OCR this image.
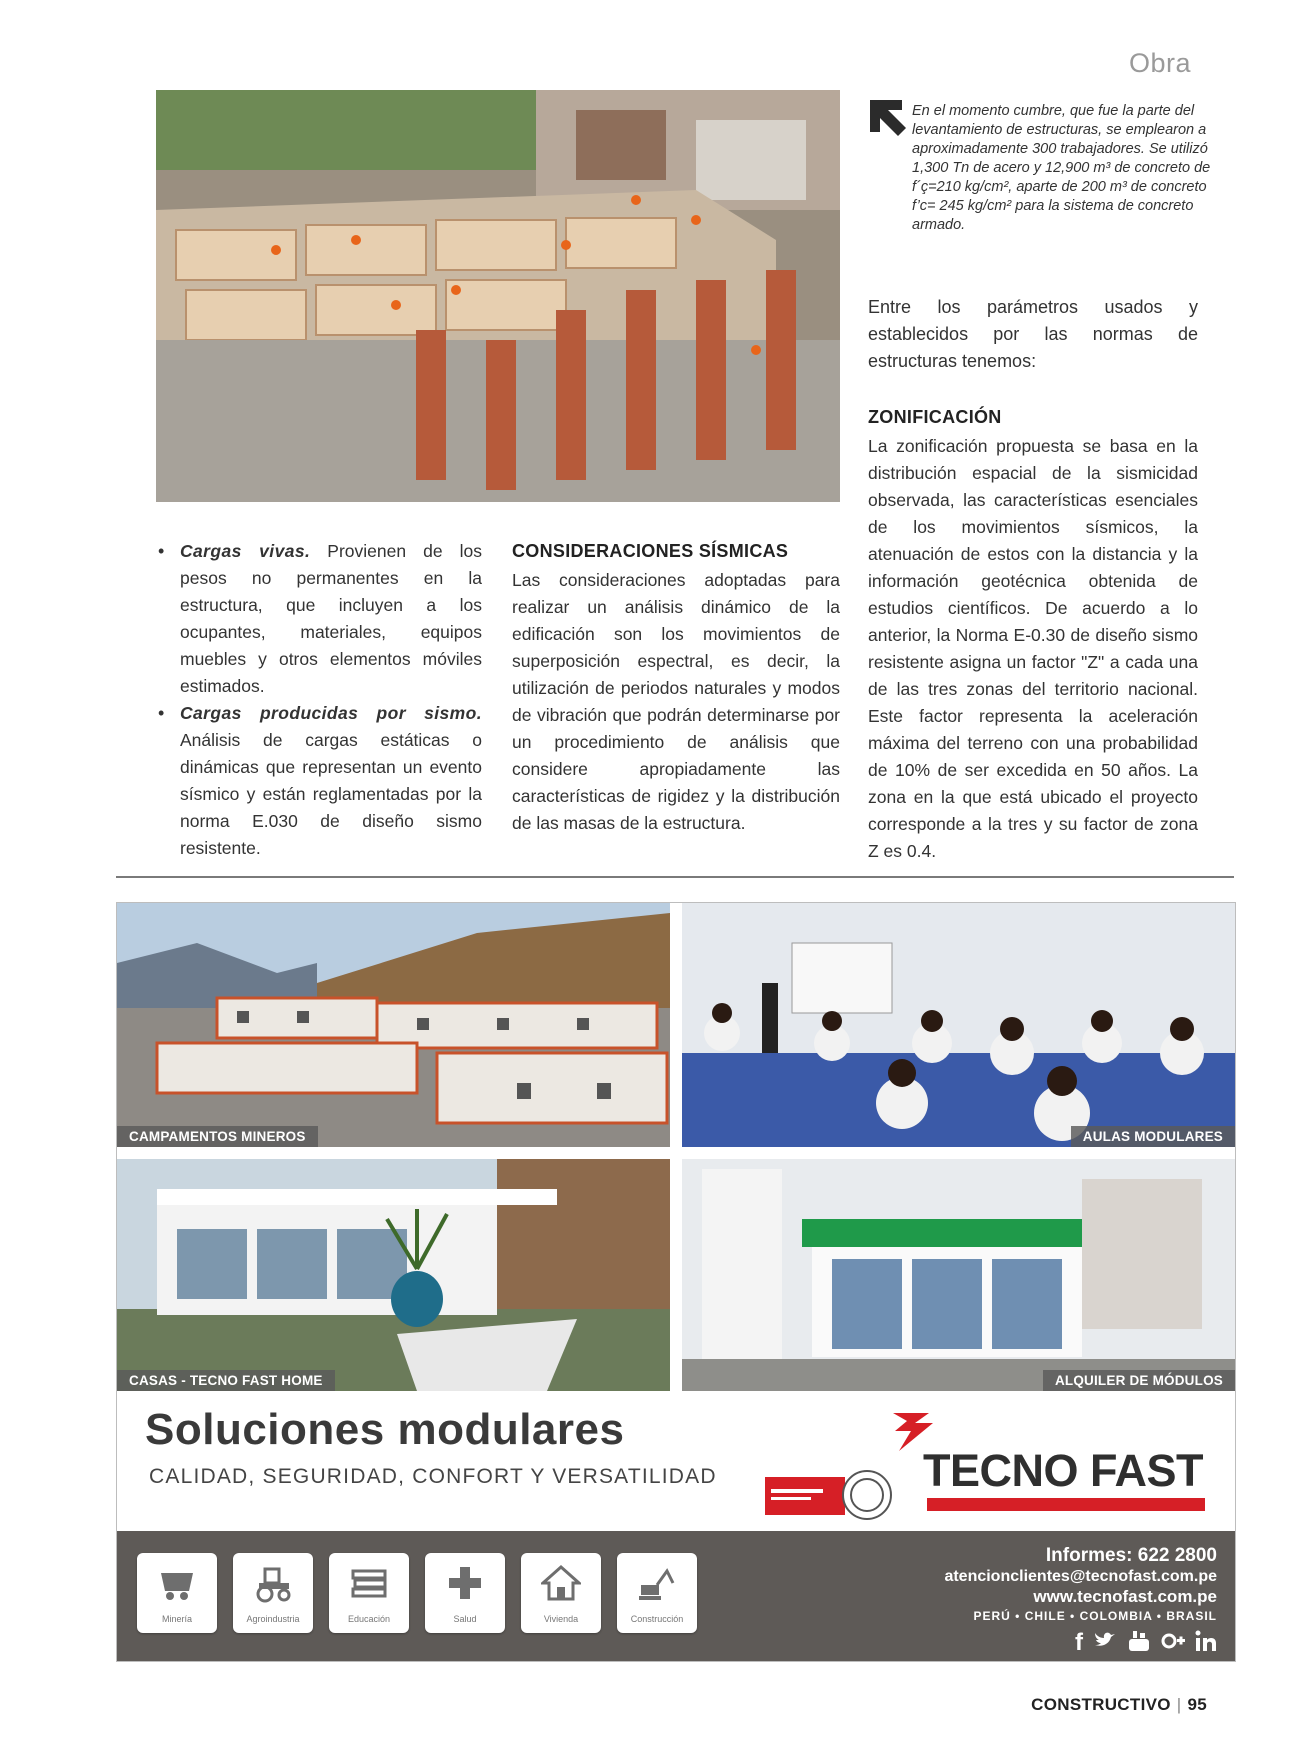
Obra
En el momento cumbre, que fue la parte del levantamiento de estructuras, se emplearon a aproximadamente 300 trabajadores. Se utilizó 1,300 Tn de acero y 12,900 m³ de concreto de f´ç=210 kg/cm², aparte de 200 m³ de concreto f’c= 245 kg/cm² para la sistema de concreto armado.
Entre los parámetros usados y establecidos por las normas de estructuras tenemos:
• Cargas vivas. Provienen de los pesos no permanentes en la estructura, que incluyen a los ocupantes, materiales, equipos muebles y otros elementos móviles estimados.
• Cargas producidas por sismo. Análisis de cargas estáticas o dinámicas que representan un evento sísmico y están reglamentadas por la norma E.030 de diseño sismo resistente.
CONSIDERACIONES SÍSMICAS

Las consideraciones adoptadas para realizar un análisis dinámico de la edificación son los movimientos de superposición espectral, es decir, la utilización de periodos naturales y modos de vibración que podrán determinarse por un procedimiento de análisis que considere apropiadamente las características de rigidez y la distribución de las masas de la estructura.

ZONIFICACIÓN

La zonificación propuesta se basa en la distribución espacial de la sismicidad observada, las características esenciales de los movimientos sísmicos, la atenuación de estos con la distancia y la información geotécnica obtenida de estudios científicos. De acuerdo a lo anterior, la Norma E-0.30 de diseño sismo resistente asigna un factor "Z" a cada una de las tres zonas del territorio nacional. Este factor representa la aceleración máxima del terreno con una probabilidad de 10% de ser excedida en 50 años. La zona en la que está ubicado el proyecto corresponde a la tres y su factor de zona Z es 0.4.

CAMPAMENTOS MINEROS	AULAS MODULARES
CASAS - TECNO FAST HOME	ALQUILER DE MÓDULOS
Soluciones modulares
CALIDAD, SEGURIDAD, CONFORT Y VERSATILIDAD	TECNO FAST
Minería	Agroindustria	Educación	Salud	Vivienda	Construcción
Informes: 622 2800
atencionclientes@tecnofast.com.pe
www.tecnofast.com.pe
PERÚ • CHILE • COLOMBIA • BRASIL
f
CONSTRUCTIVO | 95
